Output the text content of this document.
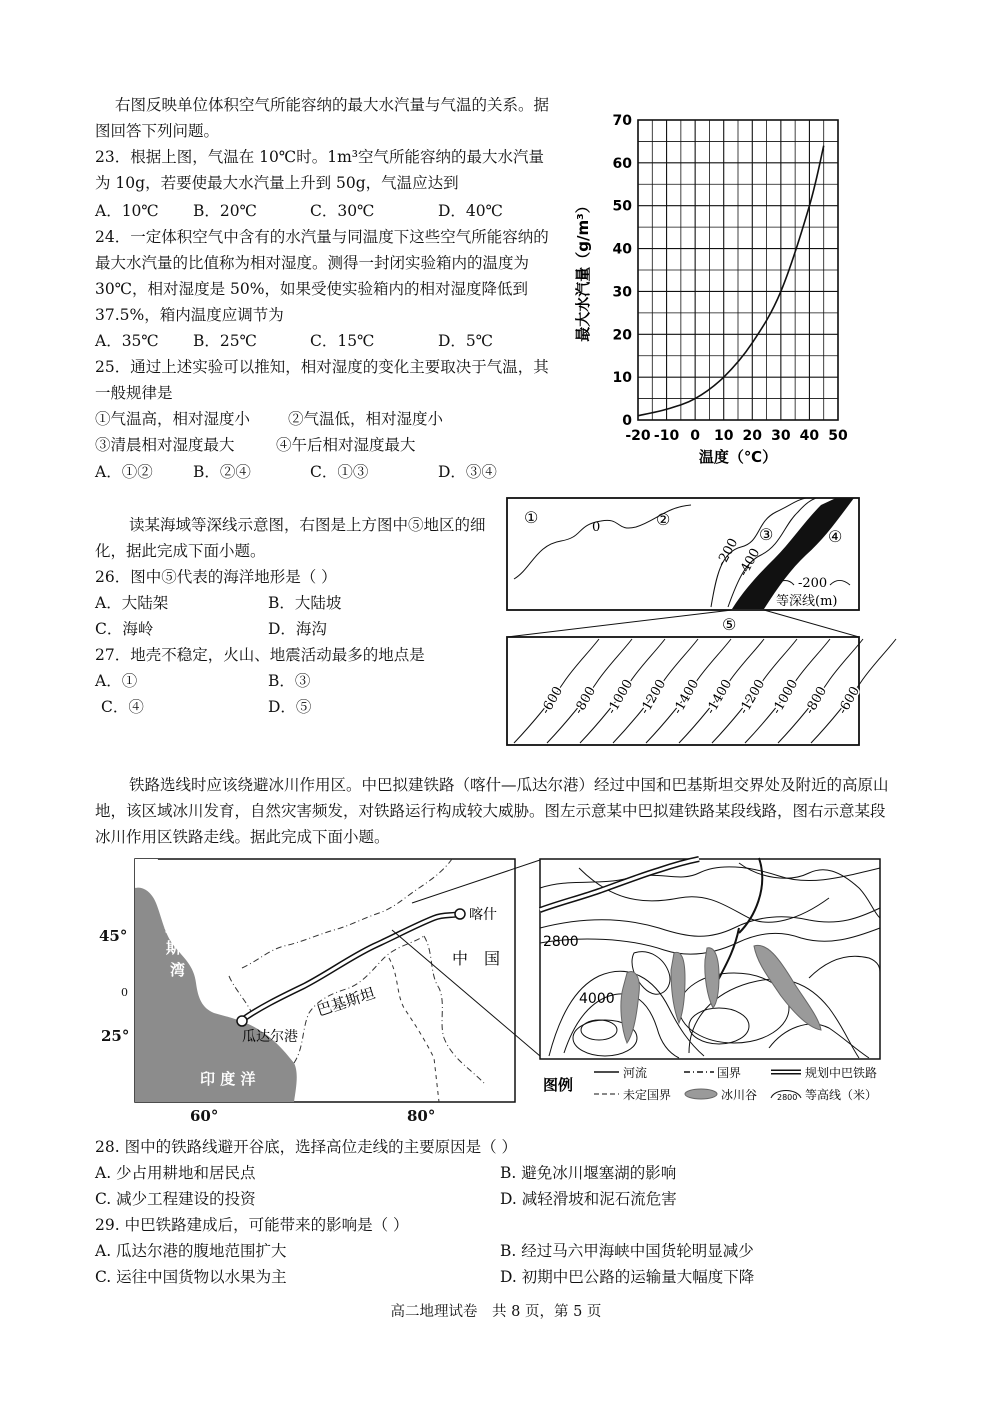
右图反映单位体积空气所能容纳的最大水汽量与气温的关系。据图回答下列问题。
23．根据上图，气温在 10℃时。1m³空气所能容纳的最大水汽量为 10g，若要使最大水汽量上升到 50g，气温应达到
A．10℃ B．20℃	C．30℃	D．40℃
24．一定体积空气中含有的水汽量与同温度下这些空气所能容纳的最大水汽量的比值称为相对湿度。测得一封闭实验箱内的温度为 30℃，相对湿度是 50%，如果受使实验箱内的相对湿度降低到 37.5%，箱内温度应调节为
A．35℃ B．25℃	C．15℃	D．5℃
25．通过上述实验可以推知，相对湿度的变化主要取决于气温，其一般规律是
①气温高，相对湿度小 ②气温低，相对湿度小
③清晨相对湿度最大	④午后相对湿度最大
A．①②	B．②④	C．①③	D．③④
0
10
20
30
40
50
60
70
-20 -10 0 10 20 30 40 50
最大水汽量（g/m³）
温度（℃）
读某海域等深线示意图，右图是上方图中⑤地区的细化，据此完成下面小题。
26．图中⑤代表的海洋地形是（ ）
A．大陆架	B．大陆坡
C．海岭	D．海沟
27．地壳不稳定，火山、地震活动最多的地点是
A．①	B．③
C．④	D．⑤
①	②
③	④
0
-200
-400
-200
等深线(m)
⑤
-600 -800 -1000 -1200 -1400 -1400 -1200 -1000 -800 -600
铁路选线时应该绕避冰川作用区。中巴拟建铁路（喀什—瓜达尔港）经过中国和巴基斯坦交界处及附近的高原山地，该区域冰川发育，自然灾害频发，对铁路运行构成较大威胁。图左示意某中巴拟建铁路某段线路，图右示意某段冰川作用区铁路走线。据此完成下面小题。
波
斯
湾
印 度 洋
喀什
中　国
巴基斯坦
瓜达尔港
45°
0
25°
60°	80°
2800
4000
图例
河流	国界	规划中巴铁路
未定国界	冰川谷 2800 等高线（米）
28. 图中的铁路线避开谷底，选择高位走线的主要原因是（ ）
A. 少占用耕地和居民点	B. 避免冰川堰塞湖的影响
C. 减少工程建设的投资	D. 减轻滑坡和泥石流危害
29. 中巴铁路建成后，可能带来的影响是（ ）
A. 瓜达尔港的腹地范围扩大	B. 经过马六甲海峡中国货轮明显减少
C. 运往中国货物以水果为主	D. 初期中巴公路的运输量大幅度下降
高二地理试卷　共 8 页，第 5 页
